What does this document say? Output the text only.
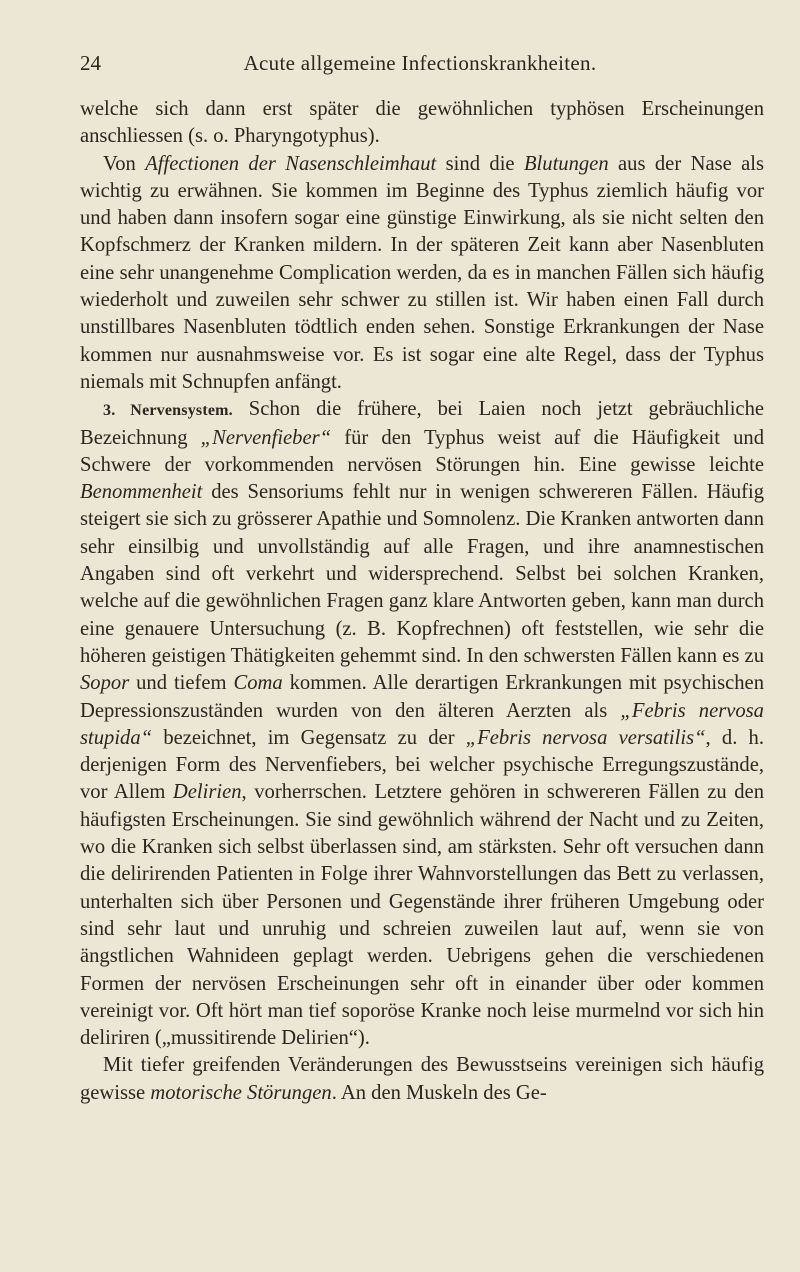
24	Acute allgemeine Infectionskrankheiten.

welche sich dann erst später die gewöhnlichen typhösen Erscheinungen anschliessen (s. o. Pharyngotyphus).

Von Affectionen der Nasenschleimhaut sind die Blutungen aus der Nase als wichtig zu erwähnen. Sie kommen im Beginne des Typhus ziemlich häufig vor und haben dann insofern sogar eine günstige Einwirkung, als sie nicht selten den Kopfschmerz der Kranken mildern. In der späteren Zeit kann aber Nasenbluten eine sehr unangenehme Complication werden, da es in manchen Fällen sich häufig wiederholt und zuweilen sehr schwer zu stillen ist. Wir haben einen Fall durch unstillbares Nasenbluten tödtlich enden sehen. Sonstige Erkrankungen der Nase kommen nur ausnahmsweise vor. Es ist sogar eine alte Regel, dass der Typhus niemals mit Schnupfen anfängt.

3. Nervensystem. Schon die frühere, bei Laien noch jetzt gebräuchliche Bezeichnung „Nervenfieber“ für den Typhus weist auf die Häufigkeit und Schwere der vorkommenden nervösen Störungen hin. Eine gewisse leichte Benommenheit des Sensoriums fehlt nur in wenigen schwereren Fällen. Häufig steigert sie sich zu grösserer Apathie und Somnolenz. Die Kranken antworten dann sehr einsilbig und unvollständig auf alle Fragen, und ihre anamnestischen Angaben sind oft verkehrt und widersprechend. Selbst bei solchen Kranken, welche auf die gewöhnlichen Fragen ganz klare Antworten geben, kann man durch eine genauere Untersuchung (z. B. Kopfrechnen) oft feststellen, wie sehr die höheren geistigen Thätigkeiten gehemmt sind. In den schwersten Fällen kann es zu Sopor und tiefem Coma kommen. Alle derartigen Erkrankungen mit psychischen Depressionszuständen wurden von den älteren Aerzten als „Febris nervosa stupida“ bezeichnet, im Gegensatz zu der „Febris nervosa versatilis“, d. h. derjenigen Form des Nervenfiebers, bei welcher psychische Erregungszustände, vor Allem Delirien, vorherrschen. Letztere gehören in schwereren Fällen zu den häufigsten Erscheinungen. Sie sind gewöhnlich während der Nacht und zu Zeiten, wo die Kranken sich selbst überlassen sind, am stärksten. Sehr oft versuchen dann die delirirenden Patienten in Folge ihrer Wahnvorstellungen das Bett zu verlassen, unterhalten sich über Personen und Gegenstände ihrer früheren Umgebung oder sind sehr laut und unruhig und schreien zuweilen laut auf, wenn sie von ängstlichen Wahnideen geplagt werden. Uebrigens gehen die verschiedenen Formen der nervösen Erscheinungen sehr oft in einander über oder kommen vereinigt vor. Oft hört man tief soporöse Kranke noch leise murmelnd vor sich hin deliriren („mussitirende Delirien“).

Mit tiefer greifenden Veränderungen des Bewusstseins vereinigen sich häufig gewisse motorische Störungen. An den Muskeln des Ge-
